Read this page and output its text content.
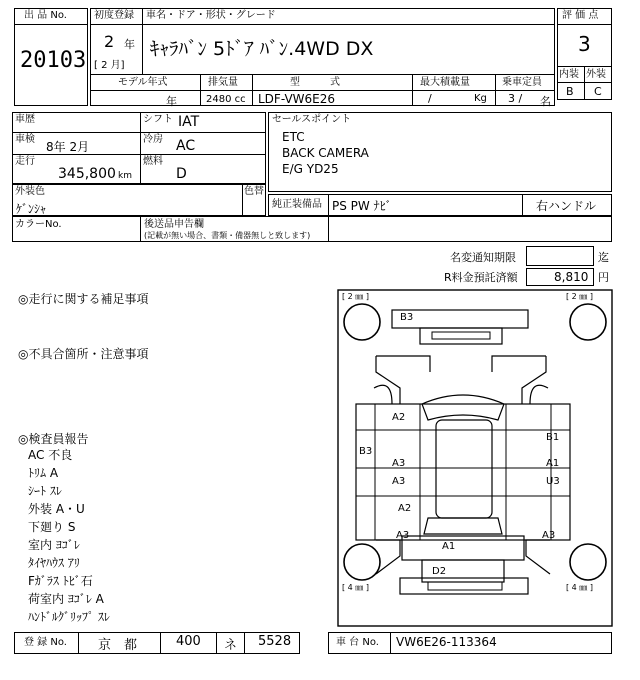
出 品 No.
20103
初度登録 車名・ドア・形状・グレード
2 年
[ 2 月]
ｷｬﾗﾊﾞﾝ 5ﾄﾞｱ ﾊﾞﾝ.4WD DX
モデル年式	排気量	型　　　式	最大積載量	乗車定員
年	2480 cc LDF-VW6E26	/	Kg 3 / 名
評 価 点
3
内装 外装
B C
車歴
車検
8年 2月
走行
345,800 km
シフト IAT
冷房 AC
燃料
D
セールスポイント
ETC
BACK CAMERA
E/G YD25
外装色
ｹﾞﾝｼｬ
色替
純正装備品 PS PW ﾅﾋﾞ	右ハンドル
カラーNo.	後送品申告欄
(記載が無い場合、書類・備器無しと致します)
名変通知期限	迄
R料金預託済額	8,810 円
◎走行に関する補足事項
◎不具合箇所・注意事項
◎検査員報告
AC 不良
ﾄﾘﾑ A
ｼｰﾄ ｽﾚ
外装 A・U
下廻り S
室内 ﾖｺﾞﾚ
ﾀｲﾔﾊｳｽ ｱﾘ
Fｶﾞﾗｽ ﾄﾋﾞ石
荷室内 ﾖｺﾞﾚ A
ﾊﾝﾄﾞﾙｸﾞﾘｯﾌﾟ ｽﾚ
[ 2 ㎜ ]	[ 2 ㎜ ]
[ 4 ㎜ ]	[ 4 ㎜ ]
B3
A2
B3
A3
A3
A2
A3
B1
A1
U3
A3
A1
D2
登 録 No. 京　都	400 ネ 5528	車 台 No. VW6E26-113364
